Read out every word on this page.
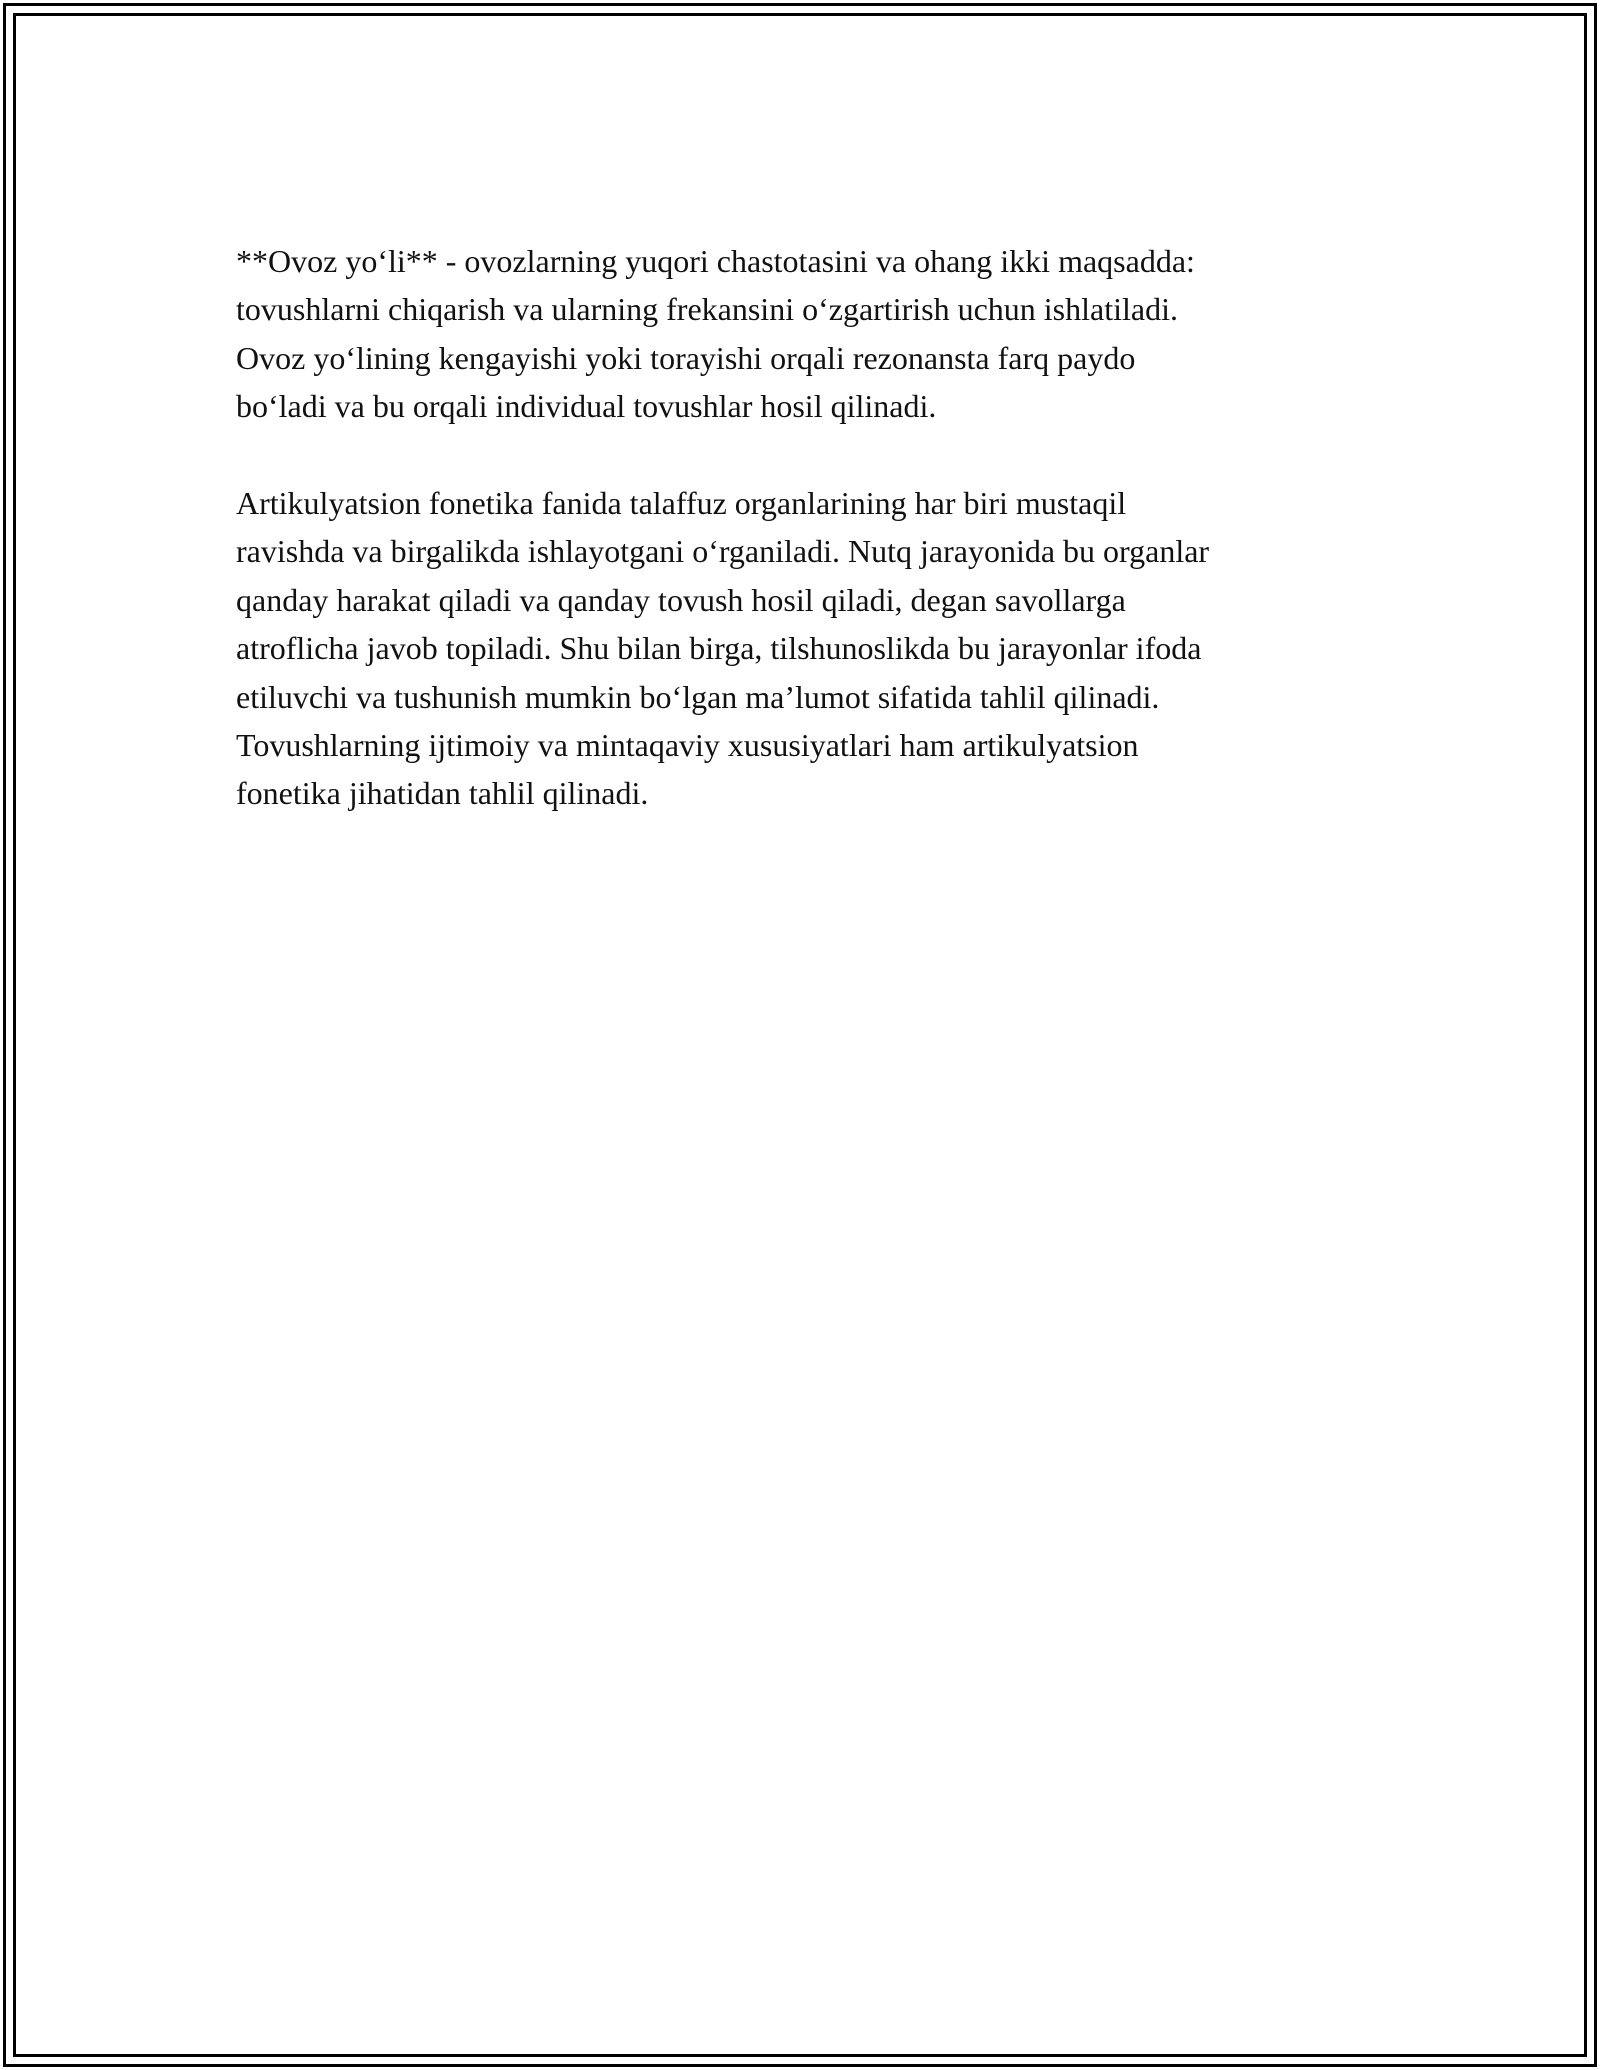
**Ovoz yo‘li** - ovozlarning yuqori chastotasini va ohang ikki maqsadda:
tovushlarni chiqarish va ularning frekansini o‘zgartirish uchun ishlatiladi.
Ovoz yo‘lining kengayishi yoki torayishi orqali rezonansta farq paydo
bo‘ladi va bu orqali individual tovushlar hosil qilinadi.
Artikulyatsion fonetika fanida talaffuz organlarining har biri mustaqil
ravishda va birgalikda ishlayotgani o‘rganiladi. Nutq jarayonida bu organlar
qanday harakat qiladi va qanday tovush hosil qiladi, degan savollarga
atroflicha javob topiladi. Shu bilan birga, tilshunoslikda bu jarayonlar ifoda
etiluvchi va tushunish mumkin bo‘lgan ma’lumot sifatida tahlil qilinadi.
Tovushlarning ijtimoiy va mintaqaviy xususiyatlari ham artikulyatsion
fonetika jihatidan tahlil qilinadi.
